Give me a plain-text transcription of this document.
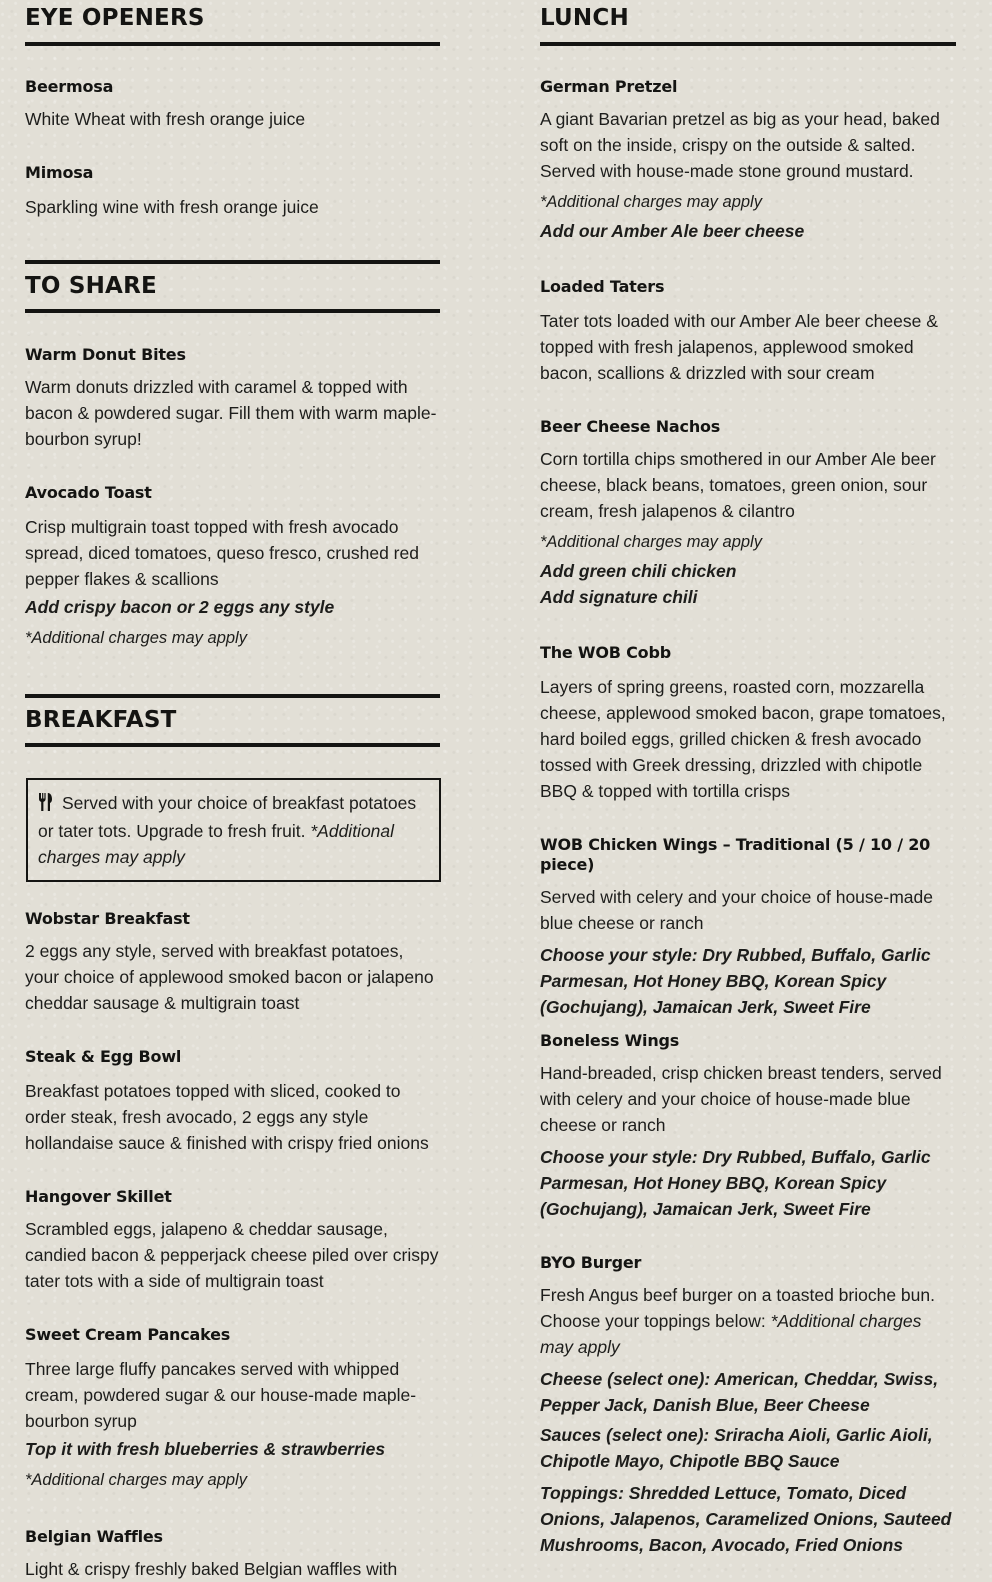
EYE OPENERS

Beermosa

White Wheat with fresh orange juice

Mimosa

Sparkling wine with fresh orange juice

TO SHARE

Warm Donut Bites

Warm donuts drizzled with caramel & topped with bacon & powdered sugar. Fill them with warm maple-bourbon syrup!

Avocado Toast

Crisp multigrain toast topped with fresh avocado spread, diced tomatoes, queso fresco, crushed red pepper flakes & scallions

Add crispy bacon or 2 eggs any style

*Additional charges may apply

BREAKFAST

Served with your choice of breakfast potatoes or tater tots. Upgrade to fresh fruit. *Additional charges may apply

Wobstar Breakfast

2 eggs any style, served with breakfast potatoes, your choice of applewood smoked bacon or jalapeno cheddar sausage & multigrain toast

Steak & Egg Bowl

Breakfast potatoes topped with sliced, cooked to order steak, fresh avocado, 2 eggs any style hollandaise sauce & finished with crispy fried onions

Hangover Skillet

Scrambled eggs, jalapeno & cheddar sausage, candied bacon & pepperjack cheese piled over crispy tater tots with a side of multigrain toast

Sweet Cream Pancakes

Three large fluffy pancakes served with whipped cream, powdered sugar & our house-made maple-bourbon syrup

Top it with fresh blueberries & strawberries

*Additional charges may apply

Belgian Waffles

Light & crispy freshly baked Belgian waffles with

LUNCH

German Pretzel

A giant Bavarian pretzel as big as your head, baked soft on the inside, crispy on the outside & salted. Served with house-made stone ground mustard.

*Additional charges may apply

Add our Amber Ale beer cheese

Loaded Taters

Tater tots loaded with our Amber Ale beer cheese & topped with fresh jalapenos, applewood smoked bacon, scallions & drizzled with sour cream

Beer Cheese Nachos

Corn tortilla chips smothered in our Amber Ale beer cheese, black beans, tomatoes, green onion, sour cream, fresh jalapenos & cilantro

*Additional charges may apply

Add green chili chicken

Add signature chili

The WOB Cobb

Layers of spring greens, roasted corn, mozzarella cheese, applewood smoked bacon, grape tomatoes, hard boiled eggs, grilled chicken & fresh avocado tossed with Greek dressing, drizzled with chipotle BBQ & topped with tortilla crisps

WOB Chicken Wings – Traditional (5 / 10 / 20 piece)

Served with celery and your choice of house-made blue cheese or ranch

Choose your style: Dry Rubbed, Buffalo, Garlic Parmesan, Hot Honey BBQ, Korean Spicy (Gochujang), Jamaican Jerk, Sweet Fire

Boneless Wings

Hand-breaded, crisp chicken breast tenders, served with celery and your choice of house-made blue cheese or ranch

Choose your style: Dry Rubbed, Buffalo, Garlic Parmesan, Hot Honey BBQ, Korean Spicy (Gochujang), Jamaican Jerk, Sweet Fire

BYO Burger

Fresh Angus beef burger on a toasted brioche bun. Choose your toppings below: *Additional charges may apply

Cheese (select one): American, Cheddar, Swiss, Pepper Jack, Danish Blue, Beer Cheese

Sauces (select one): Sriracha Aioli, Garlic Aioli, Chipotle Mayo, Chipotle BBQ Sauce

Toppings: Shredded Lettuce, Tomato, Diced Onions, Jalapenos, Caramelized Onions, Sauteed Mushrooms, Bacon, Avocado, Fried Onions
